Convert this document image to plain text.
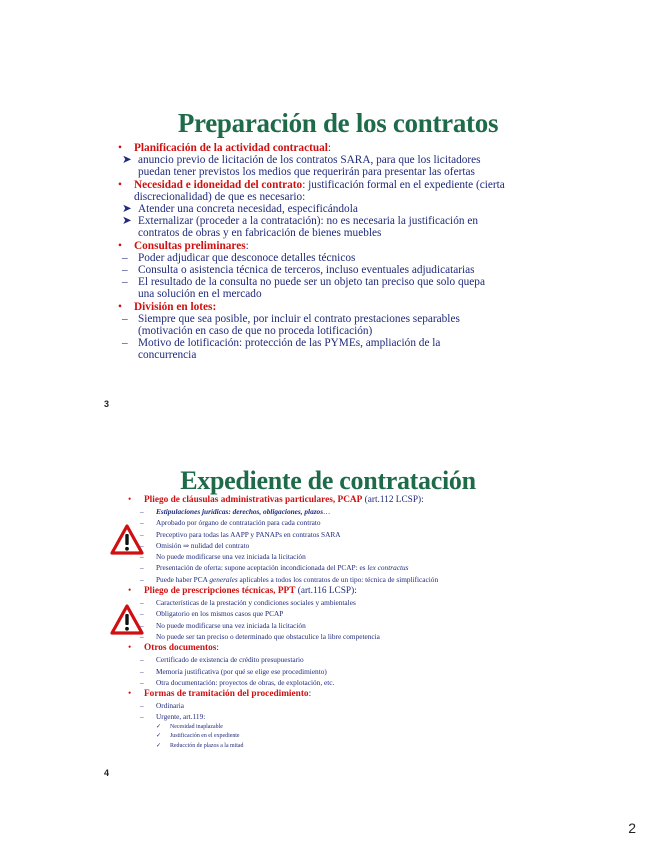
Preparación de los contratos
• Planificación de la actividad contractual:
➤ anuncio previo de licitación de los contratos SARA, para que los licitadores puedan tener previstos los medios que requerirán para presentar las ofertas
• Necesidad e idoneidad del contrato: justificación formal en el expediente (cierta discrecionalidad) de que es necesario:
➤ Atender una concreta necesidad, especificándola
➤ Externalizar (proceder a la contratación): no es necesaria la justificación en contratos de obras y en fabricación de bienes muebles
• Consultas preliminares:
– Poder adjudicar que desconoce detalles técnicos
– Consulta o asistencia técnica de terceros, incluso eventuales adjudicatarias
– El resultado de la consulta no puede ser un objeto tan preciso que solo quepa una solución en el mercado
• División en lotes:
– Siempre que sea posible, por incluir el contrato prestaciones separables (motivación en caso de que no proceda lotificación)
– Motivo de lotificación: protección de las PYMEs, ampliación de la concurrencia
3
Expediente de contratación
• Pliego de cláusulas administrativas particulares, PCAP (art.112 LCSP):
– Estipulaciones jurídicas: derechos, obligaciones, plazos…
– Aprobado por órgano de contratación para cada contrato
– Preceptivo para todas las AAPP y PANAPs en contratos SARA
– Omisión ⇒ nulidad del contrato
– No puede modificarse una vez iniciada la licitación
– Presentación de oferta: supone aceptación incondicionada del PCAP: es lex contractus
– Puede haber PCA generales aplicables a todos los contratos de un tipo: técnica de simplificación
• Pliego de prescripciones técnicas, PPT (art.116 LCSP):
– Características de la prestación y condiciones sociales y ambientales
– Obligatorio en los mismos casos que PCAP
– No puede modificarse una vez iniciada la licitación
– No puede ser tan preciso o determinado que obstaculice la libre competencia
• Otros documentos:
– Certificado de existencia de crédito presupuestario
– Memoria justificativa (por qué se elige ese procedimiento)
– Otra documentación: proyectos de obras, de explotación, etc.
• Formas de tramitación del procedimiento:
– Ordinaria
– Urgente, art.119:
✓ Necesidad inaplazable
✓ Justificación en el expediente
✓ Reducción de plazos a la mitad
4
2
